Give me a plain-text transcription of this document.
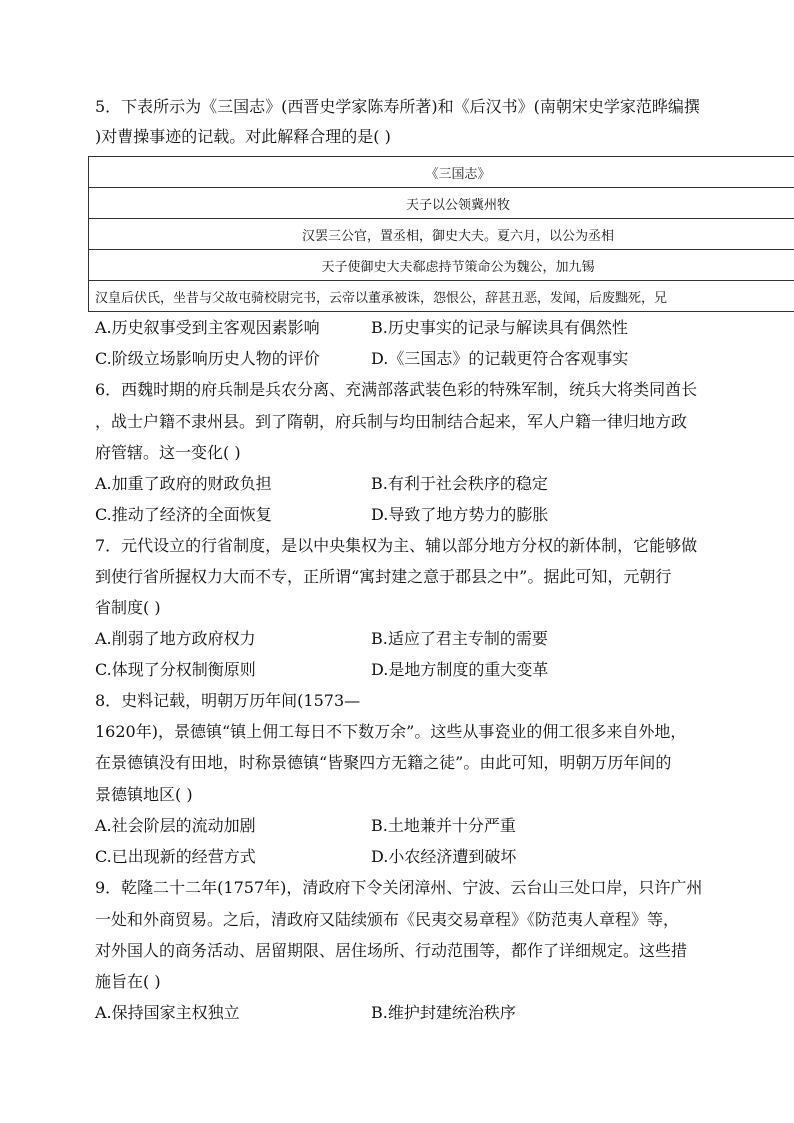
5．下表所示为《三国志》(西晋史学家陈寿所著)和《后汉书》(南朝宋史学家范晔编撰
)对曹操事迹的记载。对此解释合理的是( )
《三国志》
天子以公领冀州牧
汉罢三公官，置丞相，御史大夫。夏六月，以公为丞相
天子使御史大夫郗虑持节策命公为魏公，加九锡
汉皇后伏氏，坐昔与父故屯骑校尉完书，云帝以董承被诛，怨恨公，辞甚丑恶，发闻，后废黜死，兄
A.历史叙事受到主客观因素影响	B.历史事实的记录与解读具有偶然性
C.阶级立场影响历史人物的评价	D.《三国志》的记载更符合客观事实
6．西魏时期的府兵制是兵农分离、充满部落武装色彩的特殊军制，统兵大将类同酋长
，战士户籍不隶州县。到了隋朝，府兵制与均田制结合起来，军人户籍一律归地方政
府管辖。这一变化( )
A.加重了政府的财政负担	B.有利于社会秩序的稳定
C.推动了经济的全面恢复	D.导致了地方势力的膨胀
7．元代设立的行省制度，是以中央集权为主、辅以部分地方分权的新体制，它能够做
到使行省所握权力大而不专，正所谓“寓封建之意于郡县之中”。据此可知，元朝行
省制度( )
A.削弱了地方政府权力	B.适应了君主专制的需要
C.体现了分权制衡原则	D.是地方制度的重大变革
8．史料记载，明朝万历年间(1573—
1620年)，景德镇“镇上佣工每日不下数万余”。这些从事瓷业的佣工很多来自外地，
在景德镇没有田地，时称景德镇“皆聚四方无籍之徒”。由此可知，明朝万历年间的
景德镇地区( )
A.社会阶层的流动加剧	B.土地兼并十分严重
C.已出现新的经营方式	D.小农经济遭到破坏
9．乾隆二十二年(1757年)，清政府下令关闭漳州、宁波、云台山三处口岸，只许广州
一处和外商贸易。之后，清政府又陆续颁布《民夷交易章程》《防范夷人章程》等，
对外国人的商务活动、居留期限、居住场所、行动范围等，都作了详细规定。这些措
施旨在( )
A.保持国家主权独立	B.维护封建统治秩序
